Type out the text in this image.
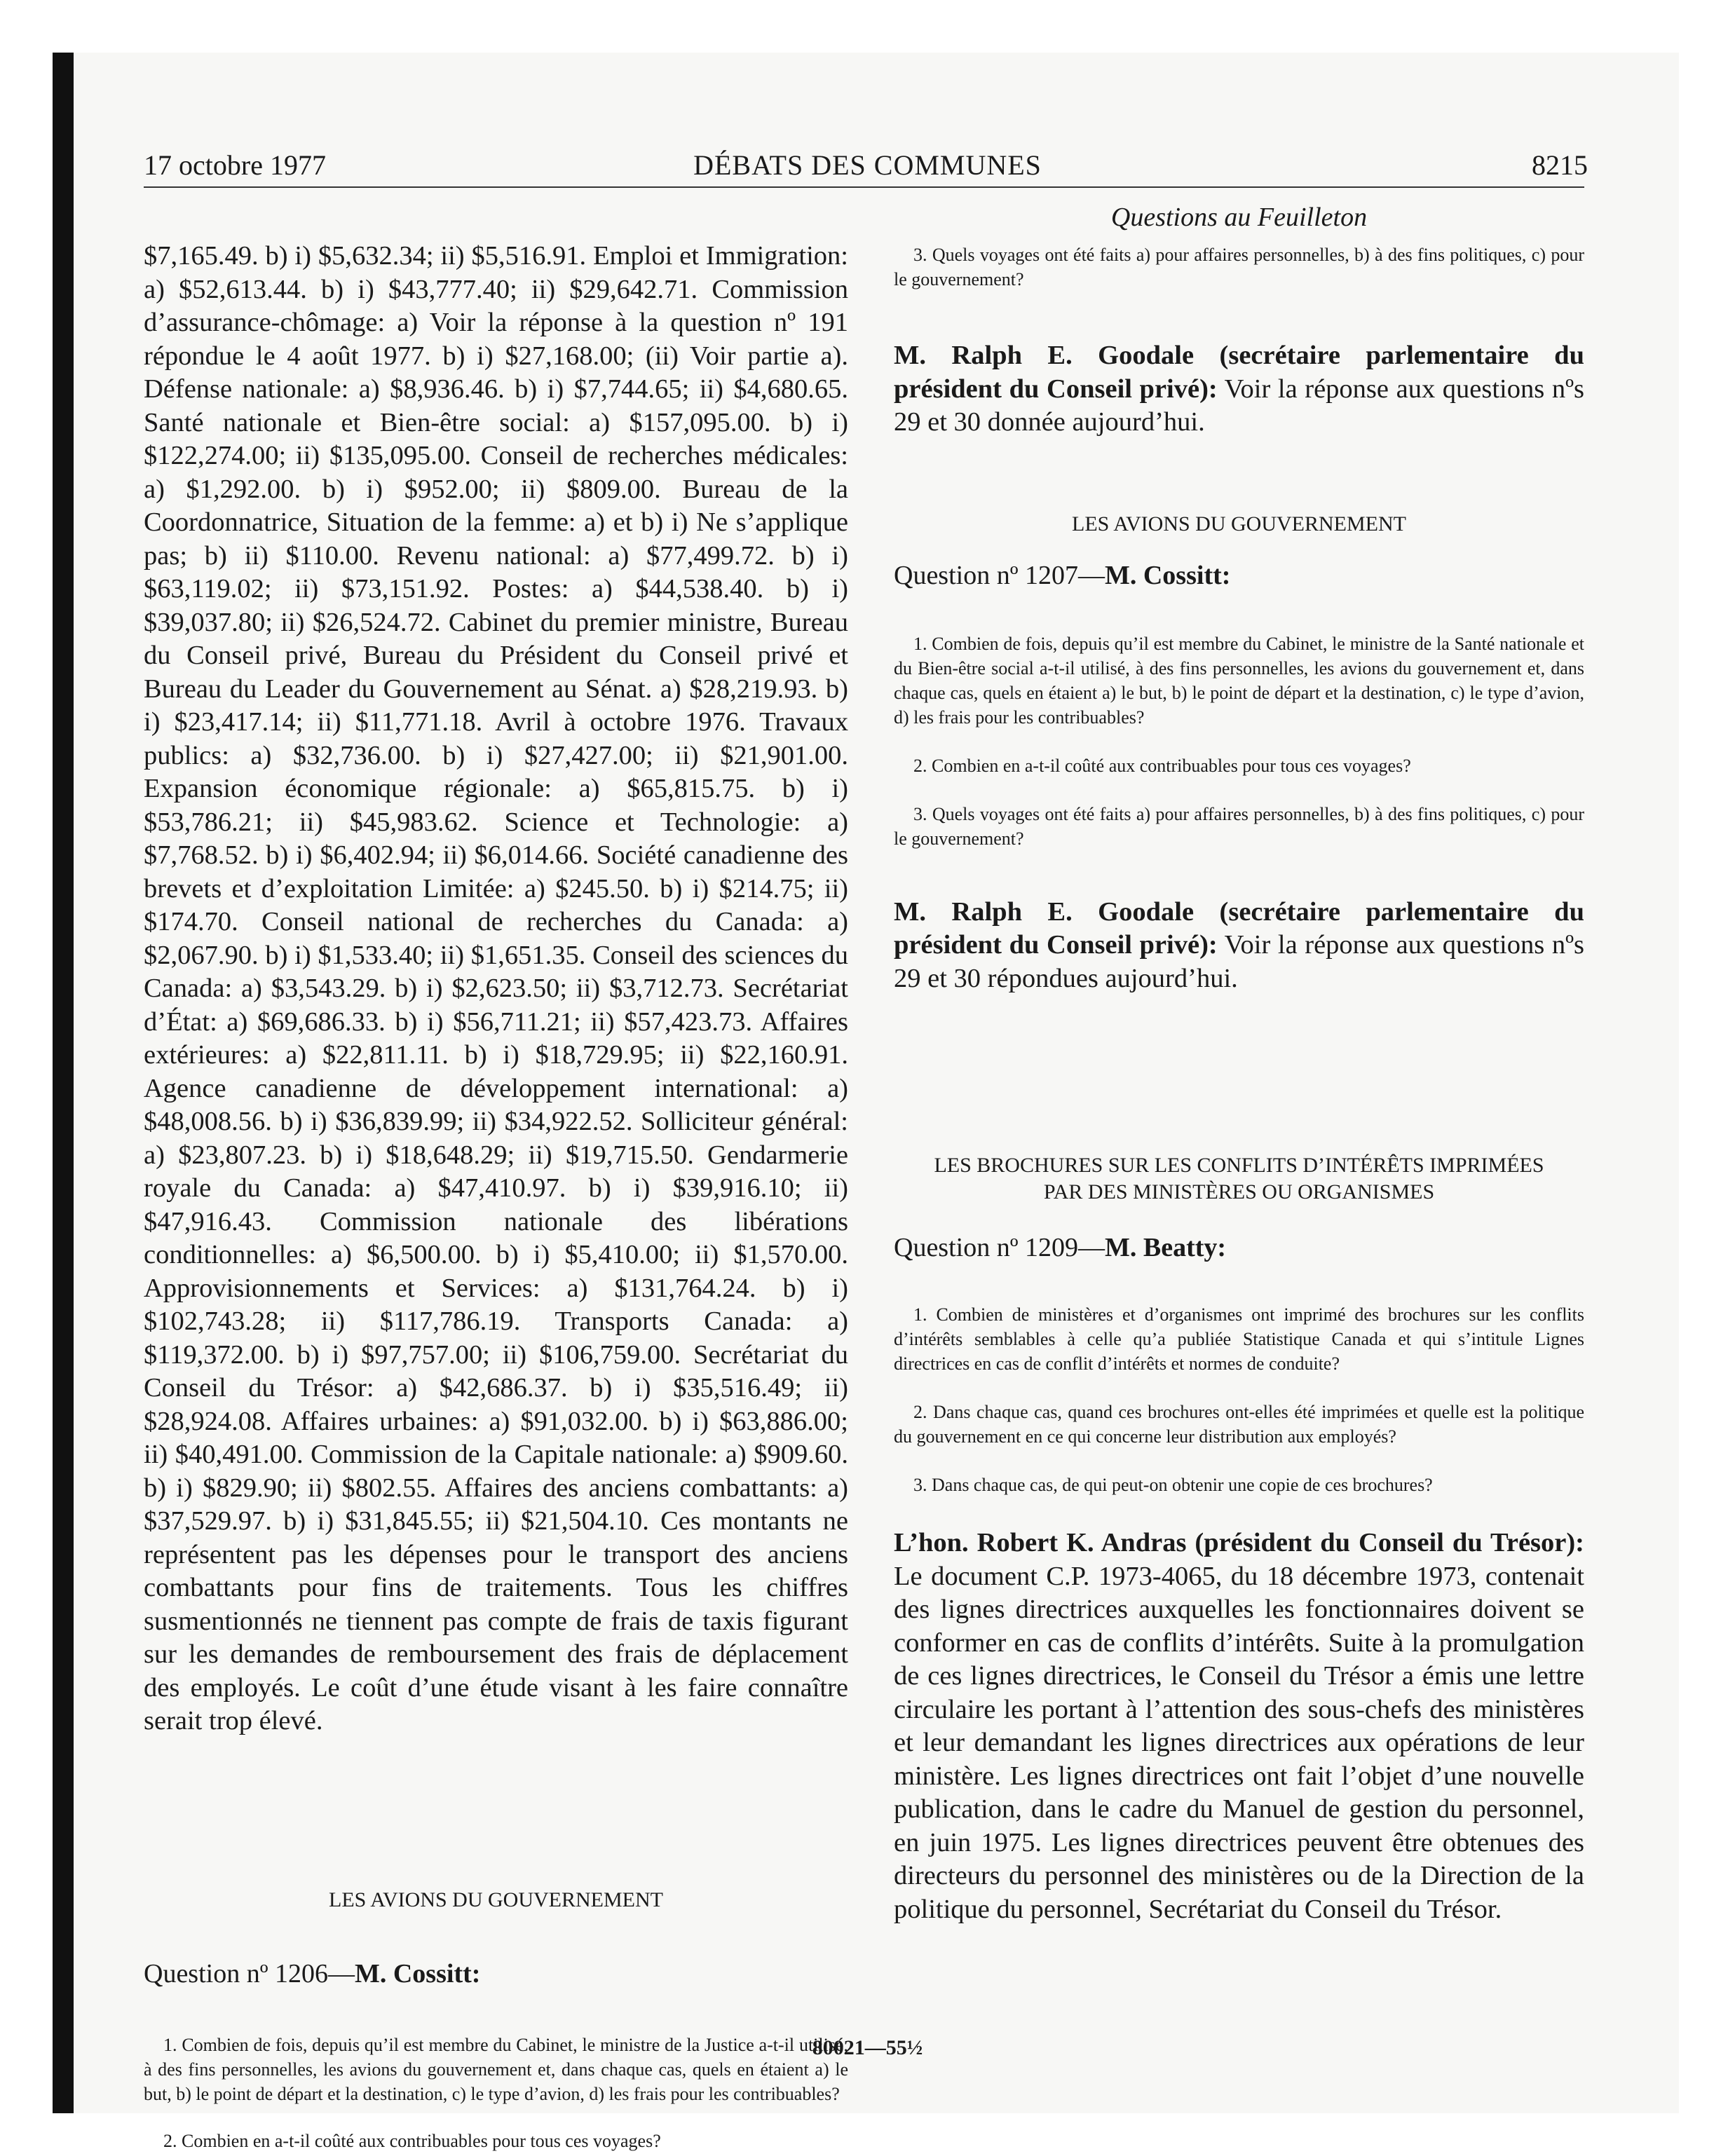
17 octobre 1977	DÉBATS DES COMMUNES	8215

$7,165.49. b) i) $5,632.34; ii) $5,516.91. Emploi et Immigration: a) $52,613.44. b) i) $43,777.40; ii) $29,642.71. Commission d’assurance-chômage: a) Voir la réponse à la question nº 191 répondue le 4 août 1977. b) i) $27,168.00; (ii) Voir partie a). Défense nationale: a) $8,936.46. b) i) $7,744.65; ii) $4,680.65. Santé nationale et Bien-être social: a) $157,095.00. b) i) $122,274.00; ii) $135,095.00. Conseil de recherches médicales: a) $1,292.00. b) i) $952.00; ii) $809.00. Bureau de la Coordonnatrice, Situation de la femme: a) et b) i) Ne s’applique pas; b) ii) $110.00. Revenu national: a) $77,499.72. b) i) $63,119.02; ii) $73,151.92. Postes: a) $44,538.40. b) i) $39,037.80; ii) $26,524.72. Cabinet du premier ministre, Bureau du Conseil privé, Bureau du Président du Conseil privé et Bureau du Leader du Gouvernement au Sénat. a) $28,219.93. b) i) $23,417.14; ii) $11,771.18. Avril à octobre 1976. Travaux publics: a) $32,736.00. b) i) $27,427.00; ii) $21,901.00. Expansion économique régionale: a) $65,815.75. b) i) $53,786.21; ii) $45,983.62. Science et Technologie: a) $7,768.52. b) i) $6,402.94; ii) $6,014.66. Société canadienne des brevets et d’exploitation Limitée: a) $245.50. b) i) $214.75; ii) $174.70. Conseil national de recherches du Canada: a) $2,067.90. b) i) $1,533.40; ii) $1,651.35. Conseil des sciences du Canada: a) $3,543.29. b) i) $2,623.50; ii) $3,712.73. Secrétariat d’État: a) $69,686.33. b) i) $56,711.21; ii) $57,423.73. Affaires extérieures: a) $22,811.11. b) i) $18,729.95; ii) $22,160.91. Agence canadienne de développement international: a) $48,008.56. b) i) $36,839.99; ii) $34,922.52. Solliciteur général: a) $23,807.23. b) i) $18,648.29; ii) $19,715.50. Gendarmerie royale du Canada: a) $47,410.97. b) i) $39,916.10; ii) $47,916.43. Commission nationale des libérations conditionnelles: a) $6,500.00. b) i) $5,410.00; ii) $1,570.00. Approvisionnements et Services: a) $131,764.24. b) i) $102,743.28; ii) $117,786.19. Transports Canada: a) $119,372.00. b) i) $97,757.00; ii) $106,759.00. Secrétariat du Conseil du Trésor: a) $42,686.37. b) i) $35,516.49; ii) $28,924.08. Affaires urbaines: a) $91,032.00. b) i) $63,886.00; ii) $40,491.00. Commission de la Capitale nationale: a) $909.60. b) i) $829.90; ii) $802.55. Affaires des anciens combattants: a) $37,529.97. b) i) $31,845.55; ii) $21,504.10. Ces montants ne représentent pas les dépenses pour le transport des anciens combattants pour fins de traitements. Tous les chiffres susmentionnés ne tiennent pas compte de frais de taxis figurant sur les demandes de remboursement des frais de déplacement des employés. Le coût d’une étude visant à les faire connaître serait trop élevé.

LES AVIONS DU GOUVERNEMENT

Question nº 1206—M. Cossitt:

1. Combien de fois, depuis qu’il est membre du Cabinet, le ministre de la Justice a-t-il utilisé, à des fins personnelles, les avions du gouvernement et, dans chaque cas, quels en étaient a) le but, b) le point de départ et la destination, c) le type d’avion, d) les frais pour les contribuables?

2. Combien en a-t-il coûté aux contribuables pour tous ces voyages?

Questions au Feuilleton

3. Quels voyages ont été faits a) pour affaires personnelles, b) à des fins politiques, c) pour le gouvernement?

M. Ralph E. Goodale (secrétaire parlementaire du président du Conseil privé): Voir la réponse aux questions nºs 29 et 30 donnée aujourd’hui.

LES AVIONS DU GOUVERNEMENT

Question nº 1207—M. Cossitt:

1. Combien de fois, depuis qu’il est membre du Cabinet, le ministre de la Santé nationale et du Bien-être social a-t-il utilisé, à des fins personnelles, les avions du gouvernement et, dans chaque cas, quels en étaient a) le but, b) le point de départ et la destination, c) le type d’avion, d) les frais pour les contribuables?

2. Combien en a-t-il coûté aux contribuables pour tous ces voyages?

3. Quels voyages ont été faits a) pour affaires personnelles, b) à des fins politiques, c) pour le gouvernement?

M. Ralph E. Goodale (secrétaire parlementaire du président du Conseil privé): Voir la réponse aux questions nºs 29 et 30 répondues aujourd’hui.

LES BROCHURES SUR LES CONFLITS D’INTÉRÊTS IMPRIMÉES

PAR DES MINISTÈRES OU ORGANISMES

Question nº 1209—M. Beatty:

1. Combien de ministères et d’organismes ont imprimé des brochures sur les conflits d’intérêts semblables à celle qu’a publiée Statistique Canada et qui s’intitule Lignes directrices en cas de conflit d’intérêts et normes de conduite?

2. Dans chaque cas, quand ces brochures ont-elles été imprimées et quelle est la politique du gouvernement en ce qui concerne leur distribution aux employés?

3. Dans chaque cas, de qui peut-on obtenir une copie de ces brochures?

L’hon. Robert K. Andras (président du Conseil du Trésor): Le document C.P. 1973-4065, du 18 décembre 1973, contenait des lignes directrices auxquelles les fonctionnaires doivent se conformer en cas de conflits d’intérêts. Suite à la promulgation de ces lignes directrices, le Conseil du Trésor a émis une lettre circulaire les portant à l’attention des sous-chefs des ministères et leur demandant les lignes directrices aux opérations de leur ministère. Les lignes directrices ont fait l’objet d’une nouvelle publication, dans le cadre du Manuel de gestion du personnel, en juin 1975. Les lignes directrices peuvent être obtenues des directeurs du personnel des ministères ou de la Direction de la politique du personnel, Secrétariat du Conseil du Trésor.

80021—55½
